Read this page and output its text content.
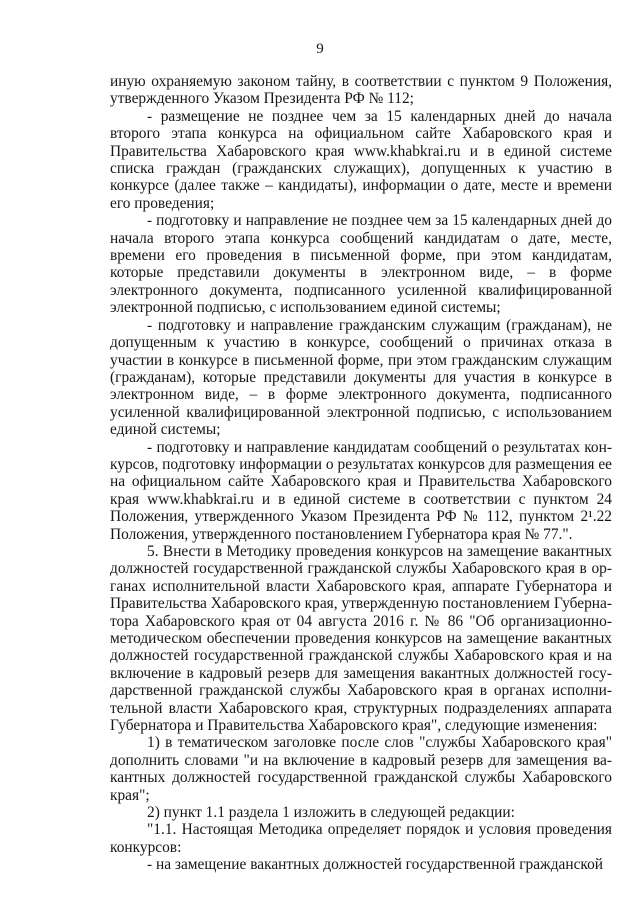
9

иную охраняемую законом тайну, в соответствии с пунктом 9 Положения, утвержденного Указом Президента РФ № 112;

- размещение не позднее чем за 15 календарных дней до начала второго этапа конкурса на официальном сайте Хабаровского края и Правительства Хабаровского края www.khabkrai.ru и в единой системе списка граждан (гражданских служащих), допущенных к участию в конкурсе (далее также – кандидаты), информации о дате, месте и времени его проведения;

- подготовку и направление не позднее чем за 15 календарных дней до начала второго этапа конкурса сообщений кандидатам о дате, месте, времени его проведения в письменной форме, при этом кандидатам, которые представили документы в электронном виде, – в форме электронного документа, подписанного усиленной квалифицированной электронной подписью, с использованием единой системы;

- подготовку и направление гражданским служащим (гражданам), не допущенным к участию в конкурсе, сообщений о причинах отказа в участии в конкурсе в письменной форме, при этом гражданским служащим (гражданам), которые представили документы для участия в конкурсе в электронном виде, – в форме электронного документа, подписанного усиленной квалифицированной электронной подписью, с использованием единой системы;

- подготовку и направление кандидатам сообщений о результатах конкурсов, подготовку информации о результатах конкурсов для размещения ее на официальном сайте Хабаровского края и Правительства Хабаровского края www.khabkrai.ru и в единой системе в соответствии с пунктом 24 Положения, утвержденного Указом Президента РФ № 112, пунктом 2¹.22 Положения, утвержденного постановлением Губернатора края № 77.".

5. Внести в Методику проведения конкурсов на замещение вакантных должностей государственной гражданской службы Хабаровского края в органах исполнительной власти Хабаровского края, аппарате Губернатора и Правительства Хабаровского края, утвержденную постановлением Губернатора Хабаровского края от 04 августа 2016 г. № 86 "Об организационно-методическом обеспечении проведения конкурсов на замещение вакантных должностей государственной гражданской службы Хабаровского края и на включение в кадровый резерв для замещения вакантных должностей государственной гражданской службы Хабаровского края в органах исполнительной власти Хабаровского края, структурных подразделениях аппарата Губернатора и Правительства Хабаровского края", следующие изменения:

1) в тематическом заголовке после слов "службы Хабаровского края" дополнить словами "и на включение в кадровый резерв для замещения вакантных должностей государственной гражданской службы Хабаровского края";

2) пункт 1.1 раздела 1 изложить в следующей редакции:

"1.1. Настоящая Методика определяет порядок и условия проведения конкурсов:

- на замещение вакантных должностей государственной гражданской
